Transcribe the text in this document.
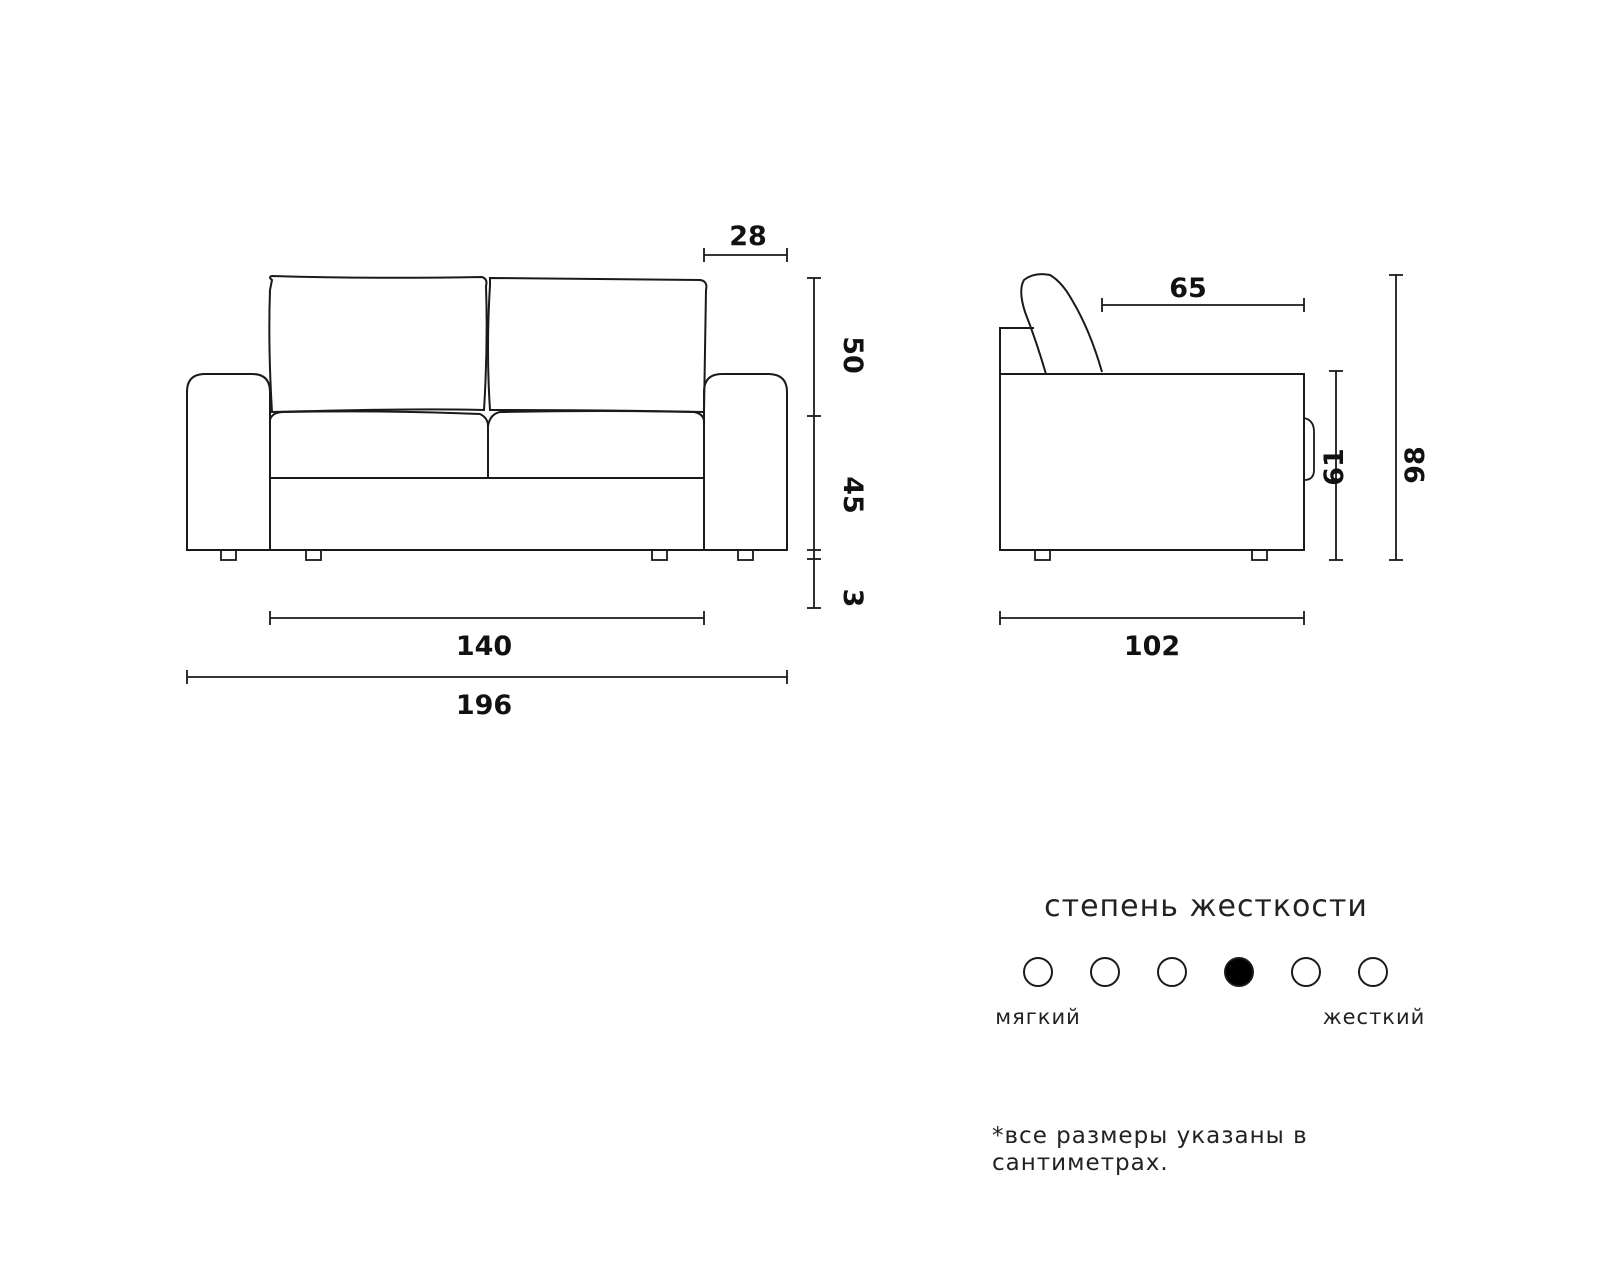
28
50
45
3
140
196
65
61 98
102
степень жесткости
мягкий	жесткий

*все размеры указаны в сантиметрах.
